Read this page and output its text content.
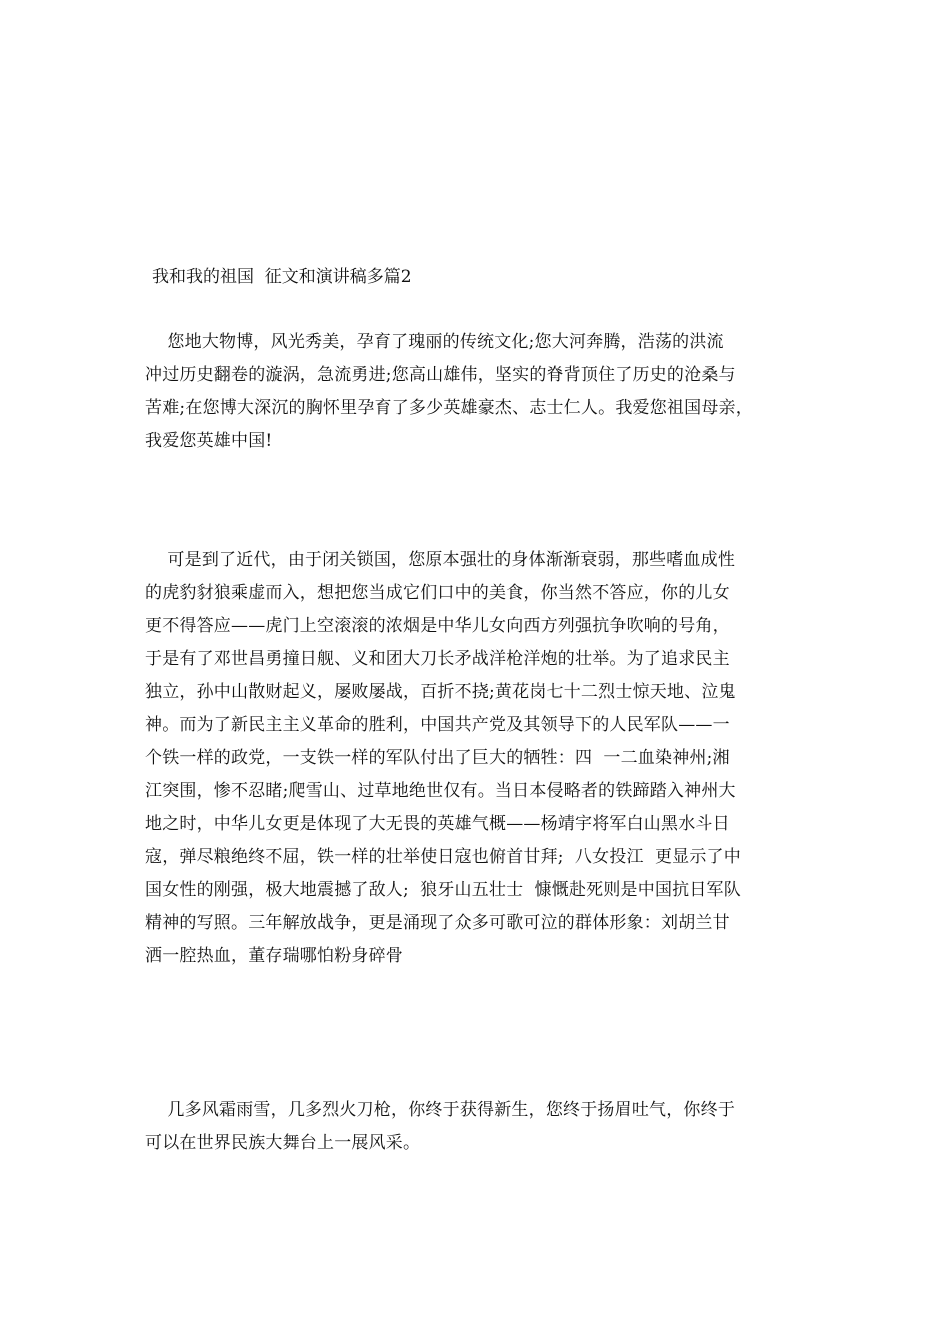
我和我的祖国  征文和演讲稿多篇2
您地大物博，风光秀美，孕育了瑰丽的传统文化;您大河奔腾，浩荡的洪流
冲过历史翻卷的漩涡，急流勇进;您高山雄伟，坚实的脊背顶住了历史的沧桑与
苦难;在您博大深沉的胸怀里孕育了多少英雄豪杰、志士仁人。我爱您祖国母亲，
我爱您英雄中国!
可是到了近代，由于闭关锁国，您原本强壮的身体渐渐衰弱，那些嗜血成性
的虎豹豺狼乘虚而入，想把您当成它们口中的美食，你当然不答应，你的儿女
更不得答应——虎门上空滚滚的浓烟是中华儿女向西方列强抗争吹响的号角，
于是有了邓世昌勇撞日舰、义和团大刀长矛战洋枪洋炮的壮举。为了追求民主
独立，孙中山散财起义，屡败屡战，百折不挠;黄花岗七十二烈士惊天地、泣鬼
神。而为了新民主主义革命的胜利，中国共产党及其领导下的人民军队——一
个铁一样的政党，一支铁一样的军队付出了巨大的牺牲：四  一二血染神州;湘
江突围，惨不忍睹;爬雪山、过草地绝世仅有。当日本侵略者的铁蹄踏入神州大
地之时，中华儿女更是体现了大无畏的英雄气概——杨靖宇将军白山黑水斗日
寇，弹尽粮绝终不屈，铁一样的壮举使日寇也俯首甘拜;  八女投江  更显示了中
国女性的刚强，极大地震撼了敌人;  狼牙山五壮士  慷慨赴死则是中国抗日军队
精神的写照。三年解放战争，更是涌现了众多可歌可泣的群体形象：刘胡兰甘
洒一腔热血，董存瑞哪怕粉身碎骨
几多风霜雨雪，几多烈火刀枪，你终于获得新生，您终于扬眉吐气，你终于
可以在世界民族大舞台上一展风采。
